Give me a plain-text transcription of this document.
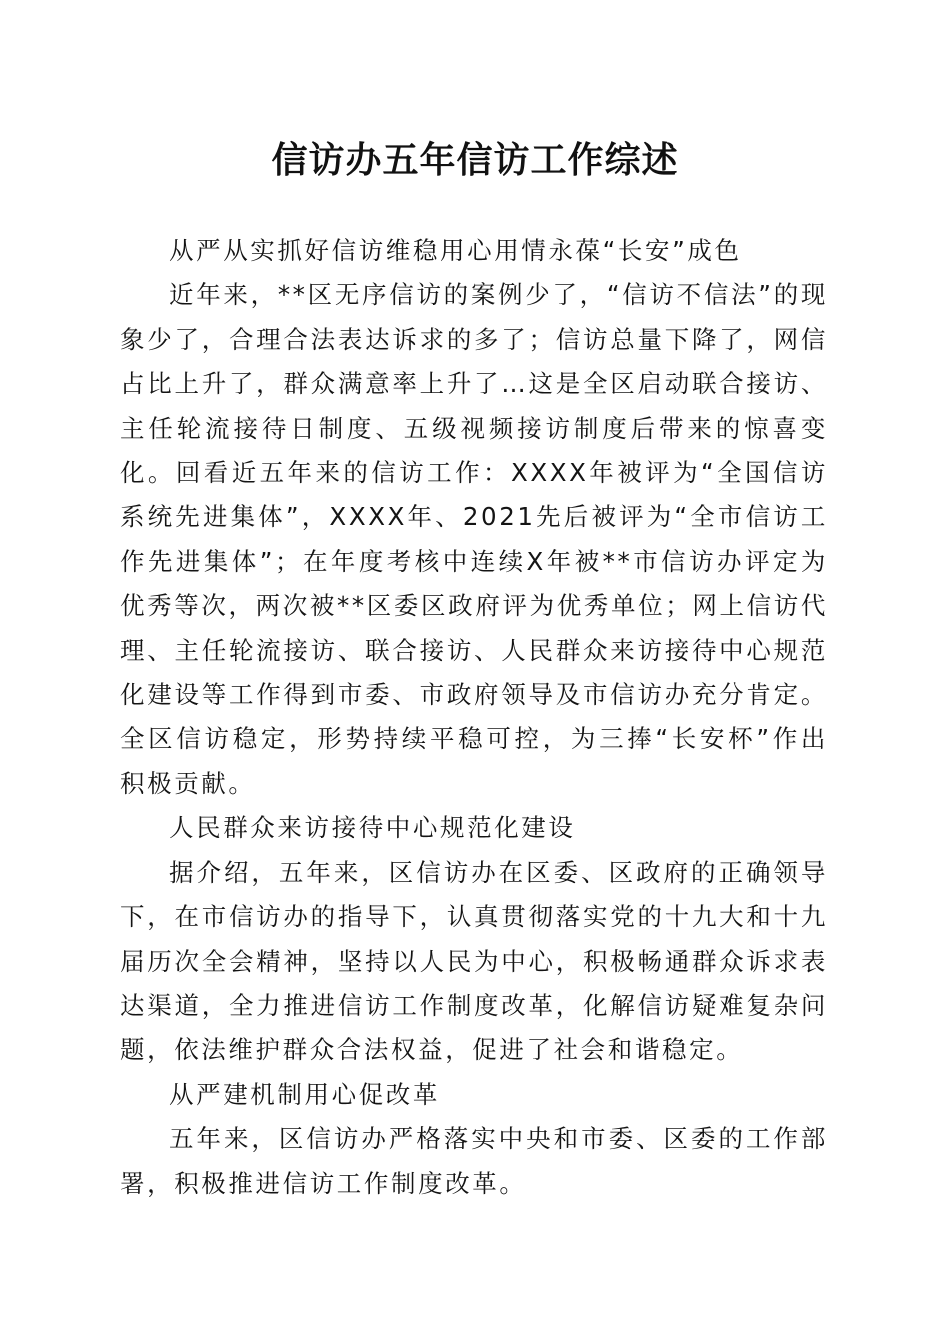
信访办五年信访工作综述

从严从实抓好信访维稳用心用情永葆“长安”成色

近年来，**区无序信访的案例少了，“信访不信法”的现象少了，合理合法表达诉求的多了；信访总量下降了，网信占比上升了，群众满意率上升了…这是全区启动联合接访、主任轮流接待日制度、五级视频接访制度后带来的惊喜变化。回看近五年来的信访工作：XXXX年被评为“全国信访系统先进集体”，XXXX年、2021先后被评为“全市信访工作先进集体”；在年度考核中连续X年被**市信访办评定为优秀等次，两次被**区委区政府评为优秀单位；网上信访代理、主任轮流接访、联合接访、人民群众来访接待中心规范化建设等工作得到市委、市政府领导及市信访办充分肯定。全区信访稳定，形势持续平稳可控，为三捧“长安杯”作出积极贡献。

人民群众来访接待中心规范化建设

据介绍，五年来，区信访办在区委、区政府的正确领导下，在市信访办的指导下，认真贯彻落实党的十九大和十九届历次全会精神，坚持以人民为中心，积极畅通群众诉求表达渠道，全力推进信访工作制度改革，化解信访疑难复杂问题，依法维护群众合法权益，促进了社会和谐稳定。

从严建机制用心促改革

五年来，区信访办严格落实中央和市委、区委的工作部署，积极推进信访工作制度改革。
